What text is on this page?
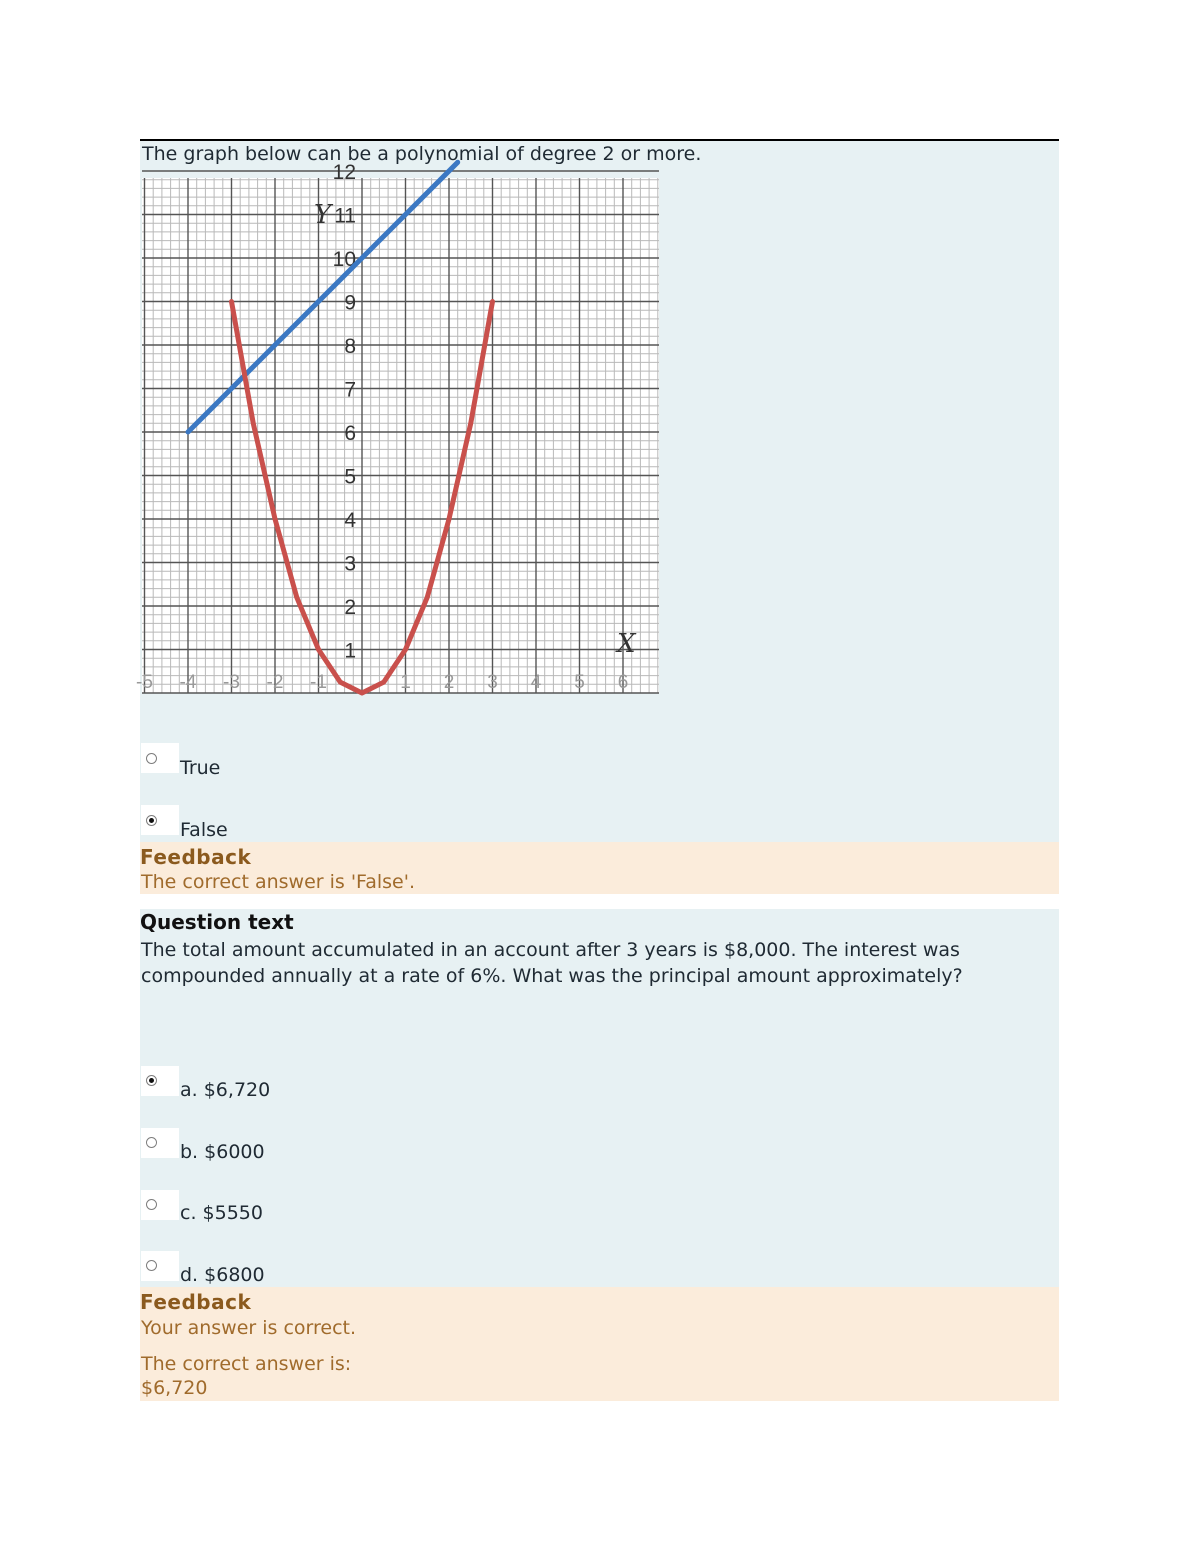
The graph below can be a polynomial of degree 2 or more.
1
2
3
4
5
6
7
8
9
10
11
12
-5 -4 -3 -2 -1	1 2 3 4 5 6
Y
X
True
False
Feedback
The correct answer is 'False'.
Question text
The total amount accumulated in an account after 3 years is $8,000. The interest was compounded annually at a rate of 6%. What was the principal amount approximately?
a. $6,720
b. $6000
c. $5550
d. $6800
Feedback
Your answer is correct.
The correct answer is:
$6,720
